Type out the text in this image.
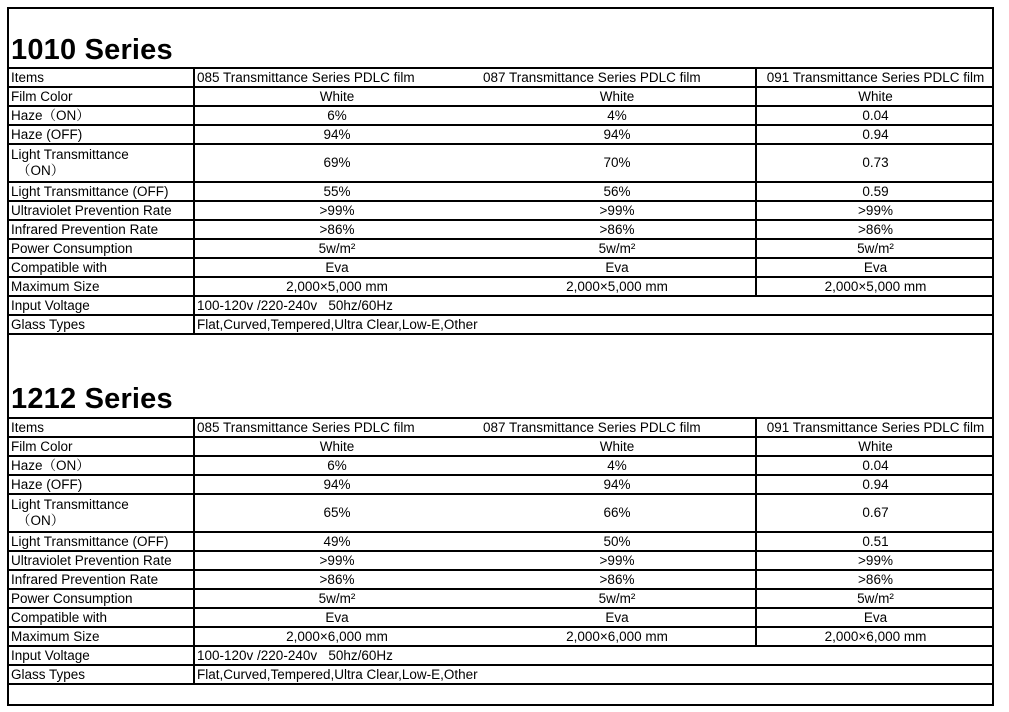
1010 Series
Items	085 Transmittance Series PDLC film	087 Transmittance Series PDLC film	091 Transmittance Series PDLC film
Film Color	White	White	White
Haze（ON）	6%	4%	0.04
Haze (OFF)	94%	94%	0.94
Light Transmittance
（ON）	69%	70%	0.73
Light Transmittance (OFF)	55%	56%	0.59
Ultraviolet Prevention Rate	>99%	>99%	>99%
Infrared Prevention Rate	>86%	>86%	>86%
Power Consumption	5w/m²	5w/m²	5w/m²
Compatible with	Eva	Eva	Eva
Maximum Size	2,000×5,000 mm	2,000×5,000 mm	2,000×5,000 mm
Input Voltage	100-120v /220-240v   50hz/60Hz		
Glass Types	Flat,Curved,Tempered,Ultra Clear,Low-E,Other		
1212 Series
Items	085 Transmittance Series PDLC film	087 Transmittance Series PDLC film	091 Transmittance Series PDLC film
Film Color	White	White	White
Haze（ON）	6%	4%	0.04
Haze (OFF)	94%	94%	0.94
Light Transmittance
（ON）	65%	66%	0.67
Light Transmittance (OFF)	49%	50%	0.51
Ultraviolet Prevention Rate	>99%	>99%	>99%
Infrared Prevention Rate	>86%	>86%	>86%
Power Consumption	5w/m²	5w/m²	5w/m²
Compatible with	Eva	Eva	Eva
Maximum Size	2,000×6,000 mm	2,000×6,000 mm	2,000×6,000 mm
Input Voltage	100-120v /220-240v   50hz/60Hz		
Glass Types	Flat,Curved,Tempered,Ultra Clear,Low-E,Other		
